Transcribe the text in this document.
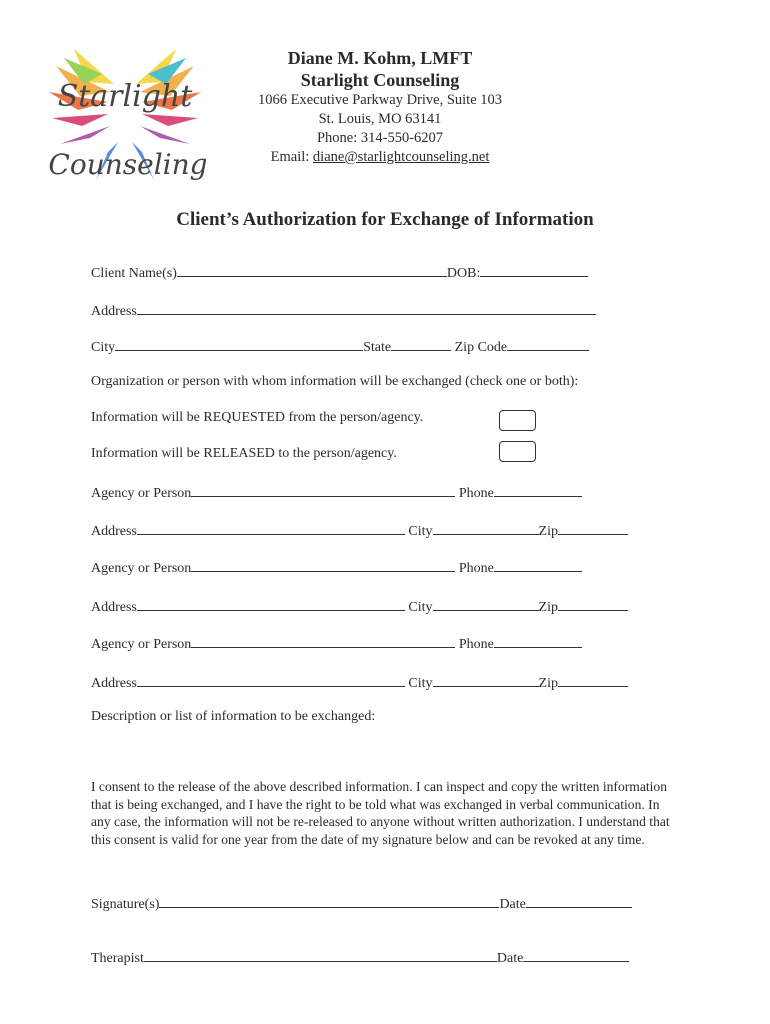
Starlight
Counseling
Diane M. Kohm, LMFT
Starlight Counseling
1066 Executive Parkway Drive, Suite 103
St. Louis, MO 63141
Phone: 314-550-6207
Email: diane@starlightcounseling.net
Client’s Authorization for Exchange of Information
Client Name(s)	DOB:
Address
City	State	Zip Code
Organization or person with whom information will be exchanged (check one or both):
Information will be REQUESTED from the person/agency.
Information will be RELEASED to the person/agency.
Agency or Person	Phone
Address	City	Zip
Agency or Person	Phone
Address	City	Zip
Agency or Person	Phone
Address	City	Zip
Description or list of information to be exchanged:

I consent to the release of the above described information. I can inspect and copy the written information that is being exchanged, and I have the right to be told what was exchanged in verbal communication. In any case, the information will not be re-released to anyone without written authorization. I understand that this consent is valid for one year from the date of my signature below and can be revoked at any time.

Signature(s)	Date
Therapist	Date
